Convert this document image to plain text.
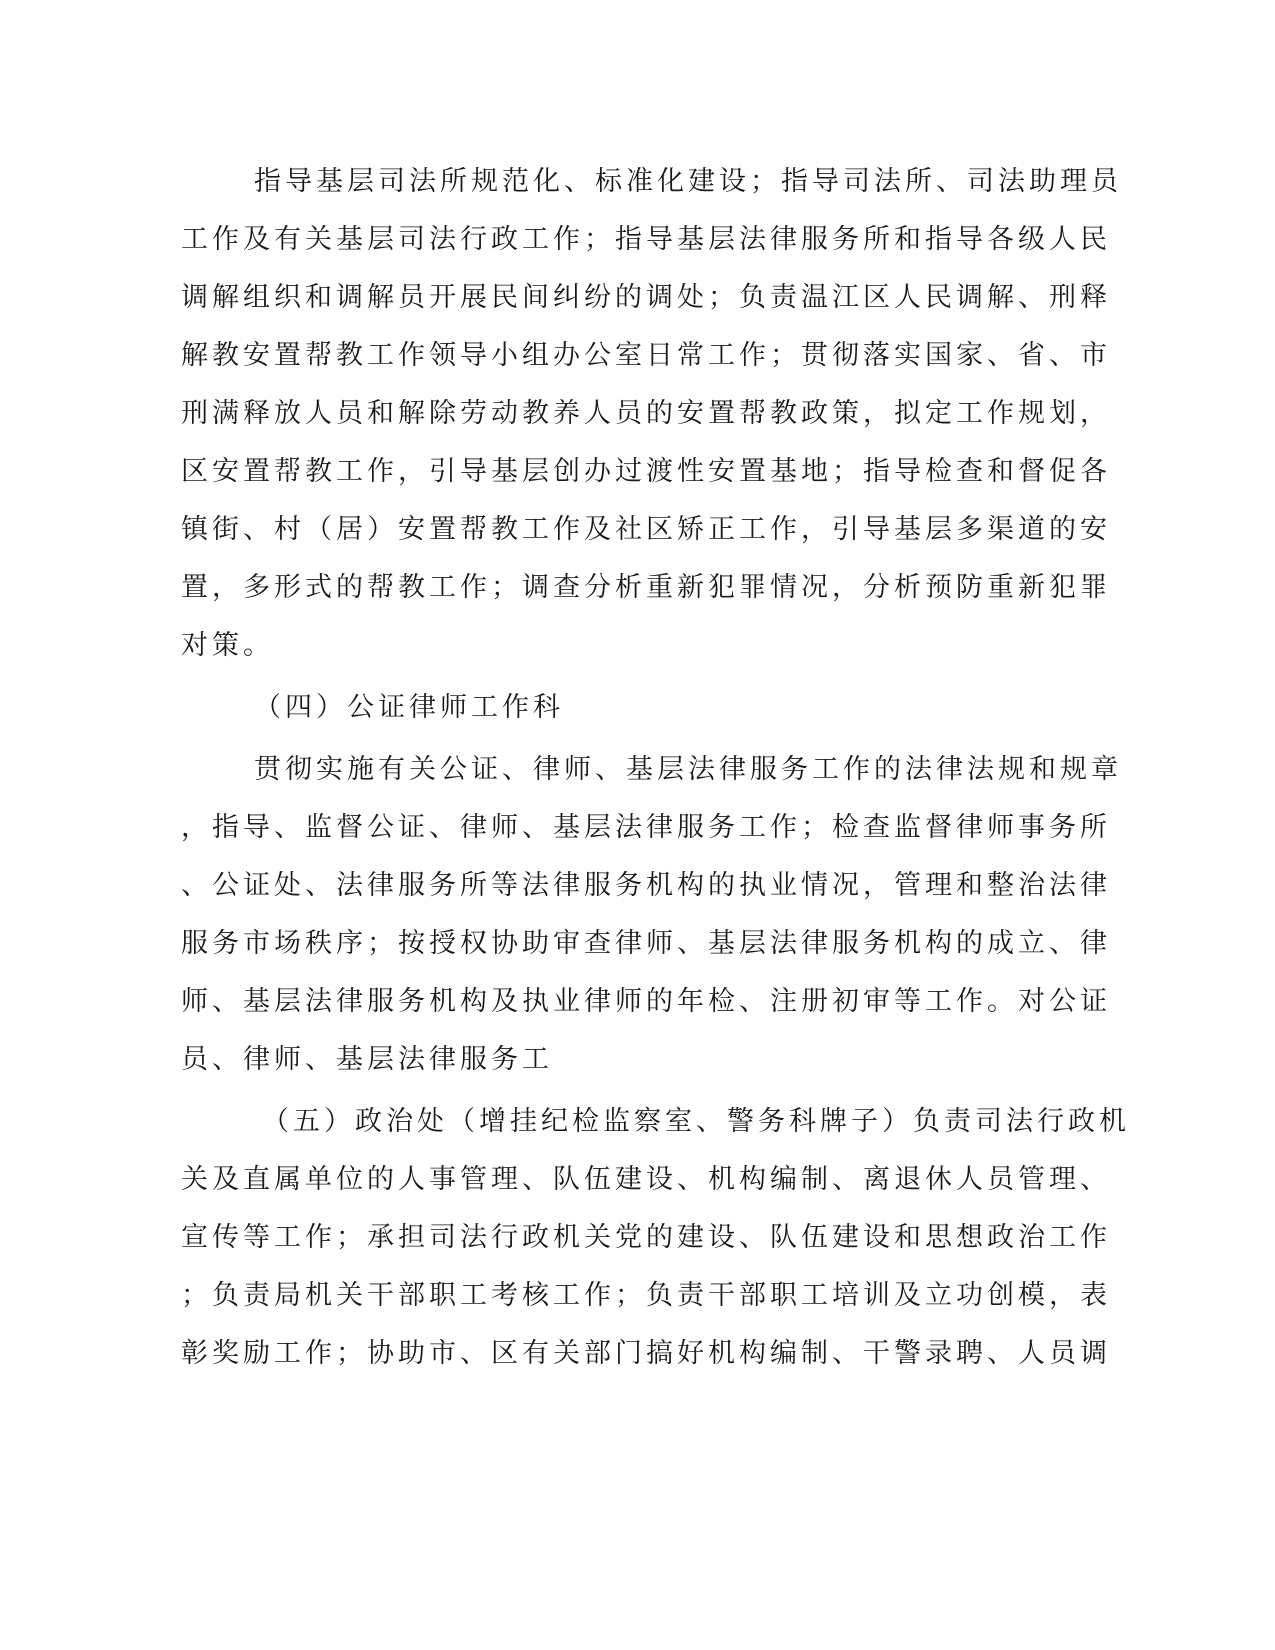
指导基层司法所规范化、标准化建设；指导司法所、司法助理员

工作及有关基层司法行政工作；指导基层法律服务所和指导各级人民

调解组织和调解员开展民间纠纷的调处；负责温江区人民调解、刑释

解教安置帮教工作领导小组办公室日常工作；贯彻落实国家、省、市

刑满释放人员和解除劳动教养人员的安置帮教政策，拟定工作规划，

区安置帮教工作，引导基层创办过渡性安置基地；指导检查和督促各

镇街、村（居）安置帮教工作及社区矫正工作，引导基层多渠道的安

置，多形式的帮教工作；调查分析重新犯罪情况，分析预防重新犯罪

对策。

（四）公证律师工作科

贯彻实施有关公证、律师、基层法律服务工作的法律法规和规章

，指导、监督公证、律师、基层法律服务工作；检查监督律师事务所

、公证处、法律服务所等法律服务机构的执业情况，管理和整治法律

服务市场秩序；按授权协助审查律师、基层法律服务机构的成立、律

师、基层法律服务机构及执业律师的年检、注册初审等工作。对公证

员、律师、基层法律服务工

（五）政治处（增挂纪检监察室、警务科牌子）负责司法行政机

关及直属单位的人事管理、队伍建设、机构编制、离退休人员管理、

宣传等工作；承担司法行政机关党的建设、队伍建设和思想政治工作

；负责局机关干部职工考核工作；负责干部职工培训及立功创模，表

彰奖励工作；协助市、区有关部门搞好机构编制、干警录聘、人员调
